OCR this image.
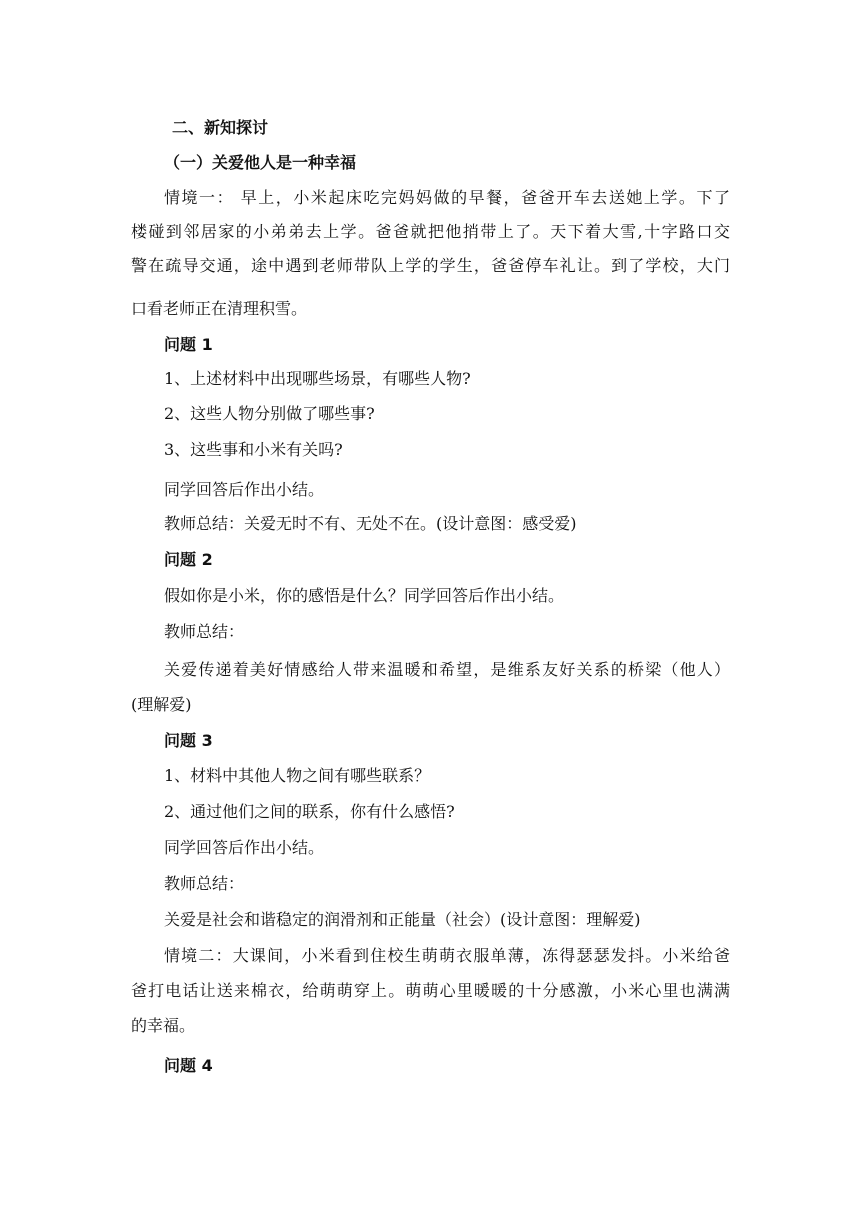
二、新知探讨
（一）关爱他人是一种幸福
情境一： 早上，小米起床吃完妈妈做的早餐，爸爸开车去送她上学。下了
楼碰到邻居家的小弟弟去上学。爸爸就把他捎带上了。天下着大雪,十字路口交
警在疏导交通，途中遇到老师带队上学的学生，爸爸停车礼让。到了学校，大门
口看老师正在清理积雪。
问题 1
1、上述材料中出现哪些场景，有哪些人物?
2、这些人物分别做了哪些事?
3、这些事和小米有关吗?
同学回答后作出小结。
教师总结：关爱无时不有、无处不在。(设计意图：感受爱)
问题 2
假如你是小米，你的感悟是什么？同学回答后作出小结。
教师总结：
关爱传递着美好情感给人带来温暖和希望，是维系友好关系的桥梁（他人）
(理解爱)
问题 3
1、材料中其他人物之间有哪些联系？
2、通过他们之间的联系，你有什么感悟?
同学回答后作出小结。
教师总结：
关爱是社会和谐稳定的润滑剂和正能量（社会）(设计意图：理解爱)
情境二：大课间，小米看到住校生萌萌衣服单薄，冻得瑟瑟发抖。小米给爸
爸打电话让送来棉衣，给萌萌穿上。萌萌心里暖暖的十分感激，小米心里也满满
的幸福。
问题 4
